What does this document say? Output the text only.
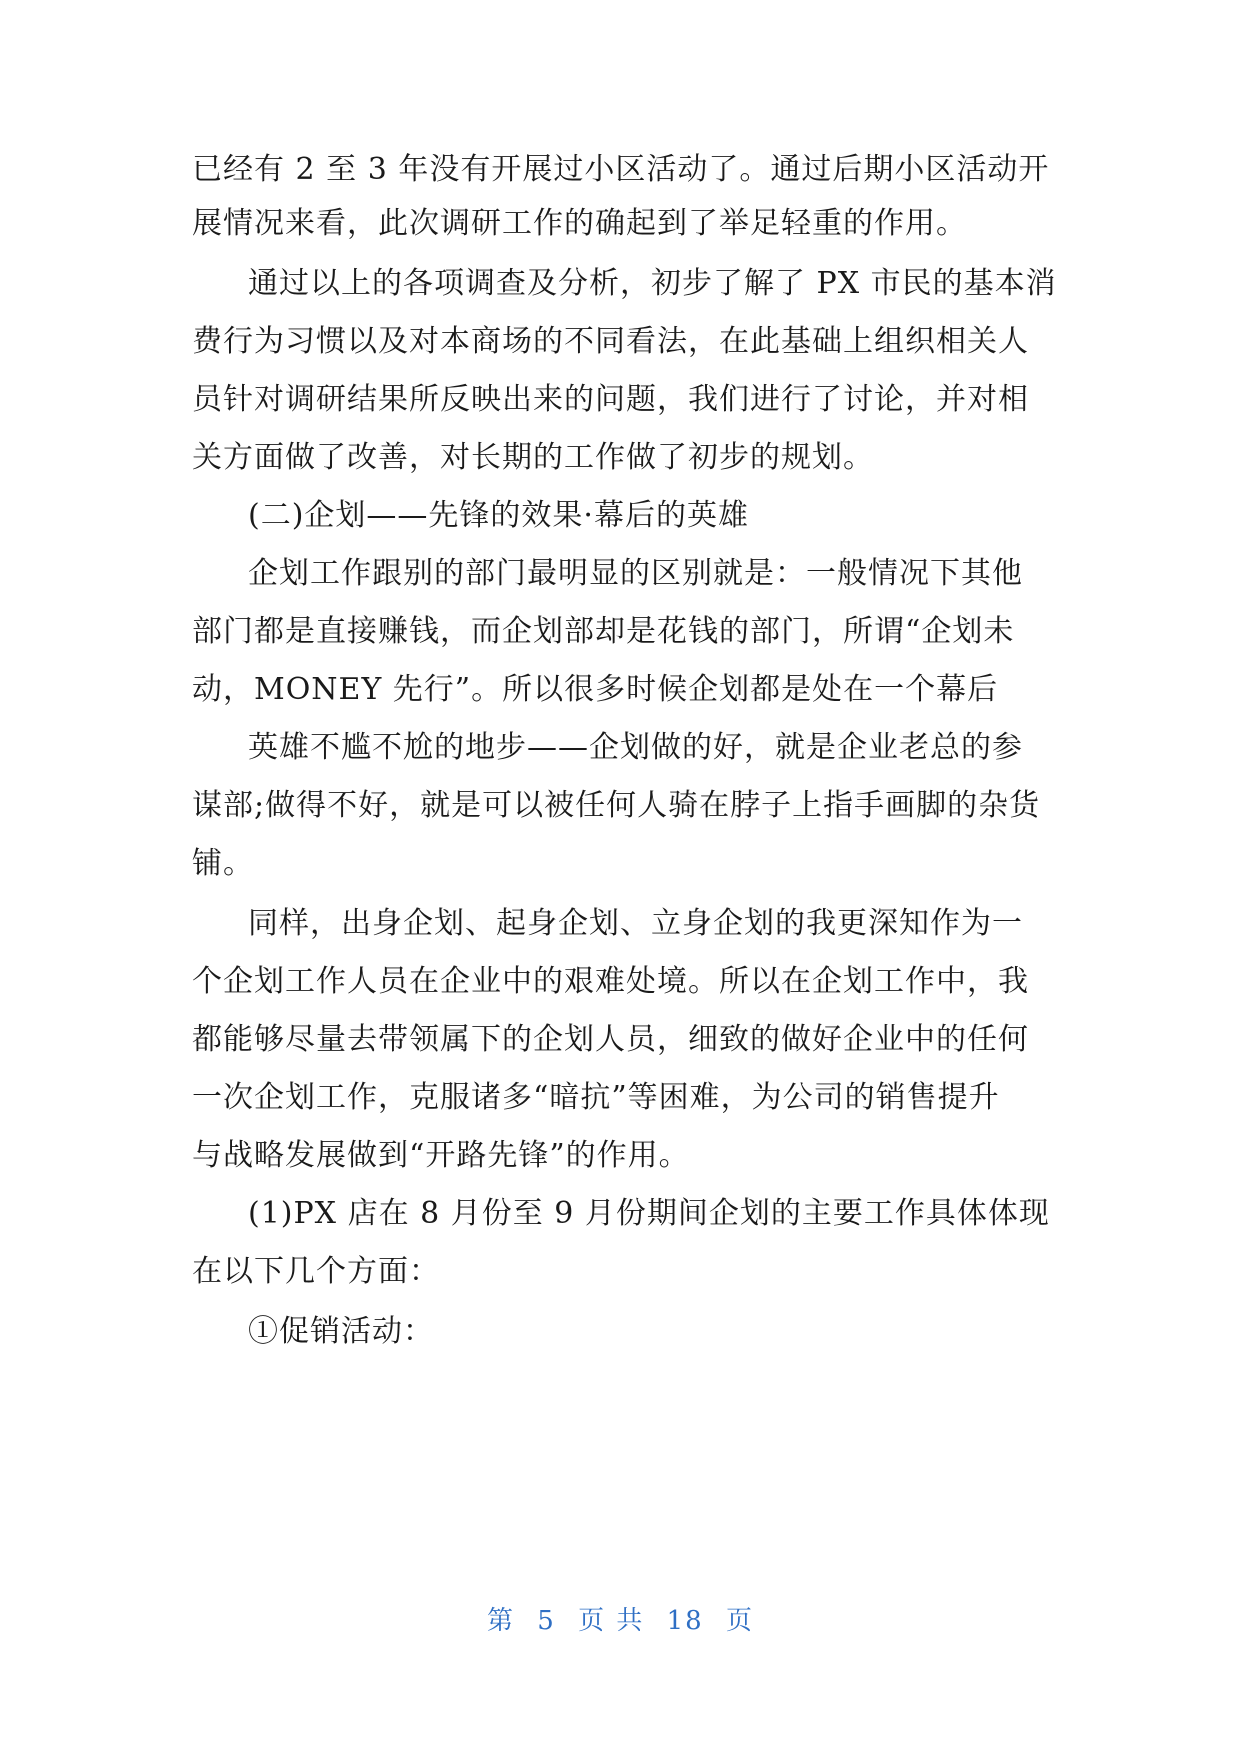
已经有 2 至 3 年没有开展过小区活动了。通过后期小区活动开
展情况来看，此次调研工作的确起到了举足轻重的作用。
通过以上的各项调查及分析，初步了解了 PX 市民的基本消
费行为习惯以及对本商场的不同看法，在此基础上组织相关人
员针对调研结果所反映出来的问题，我们进行了讨论，并对相
关方面做了改善，对长期的工作做了初步的规划。
(二)企划——先锋的效果·幕后的英雄
企划工作跟别的部门最明显的区别就是：一般情况下其他
部门都是直接赚钱，而企划部却是花钱的部门，所谓“企划未
动，MONEY 先行”。所以很多时候企划都是处在一个幕后
英雄不尴不尬的地步——企划做的好，就是企业老总的参
谋部;做得不好，就是可以被任何人骑在脖子上指手画脚的杂货
铺。
同样，出身企划、起身企划、立身企划的我更深知作为一
个企划工作人员在企业中的艰难处境。所以在企划工作中，我
都能够尽量去带领属下的企划人员，细致的做好企业中的任何
一次企划工作，克服诸多“暗抗”等困难，为公司的销售提升
与战略发展做到“开路先锋”的作用。
(1)PX 店在 8 月份至 9 月份期间企划的主要工作具体体现
在以下几个方面：
①促销活动：
第 5 页 共 18 页
